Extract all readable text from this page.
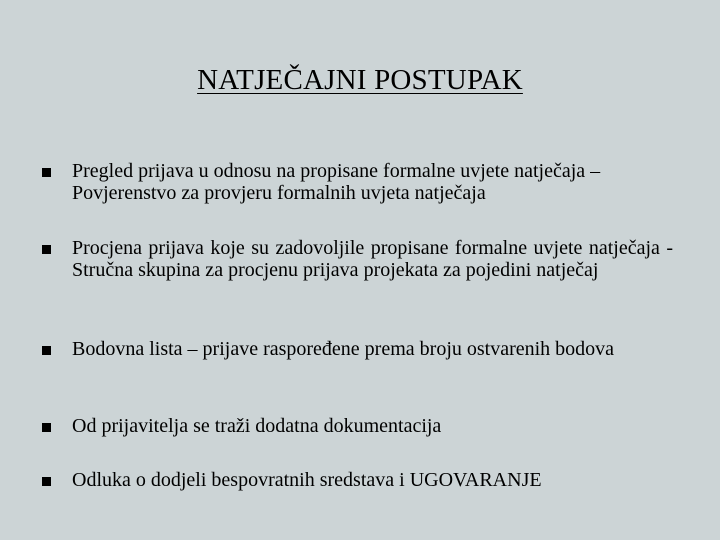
NATJEČAJNI POSTUPAK
Pregled prijava u odnosu na propisane formalne uvjete natječaja – Povjerenstvo za provjeru formalnih uvjeta natječaja
Procjena prijava koje su zadovoljile propisane formalne uvjete natječaja - Stručna skupina za procjenu prijava projekata za pojedini natječaj
Bodovna lista – prijave raspoređene prema broju ostvarenih bodova
Od prijavitelja se traži dodatna dokumentacija
Odluka o dodjeli bespovratnih sredstava i UGOVARANJE
